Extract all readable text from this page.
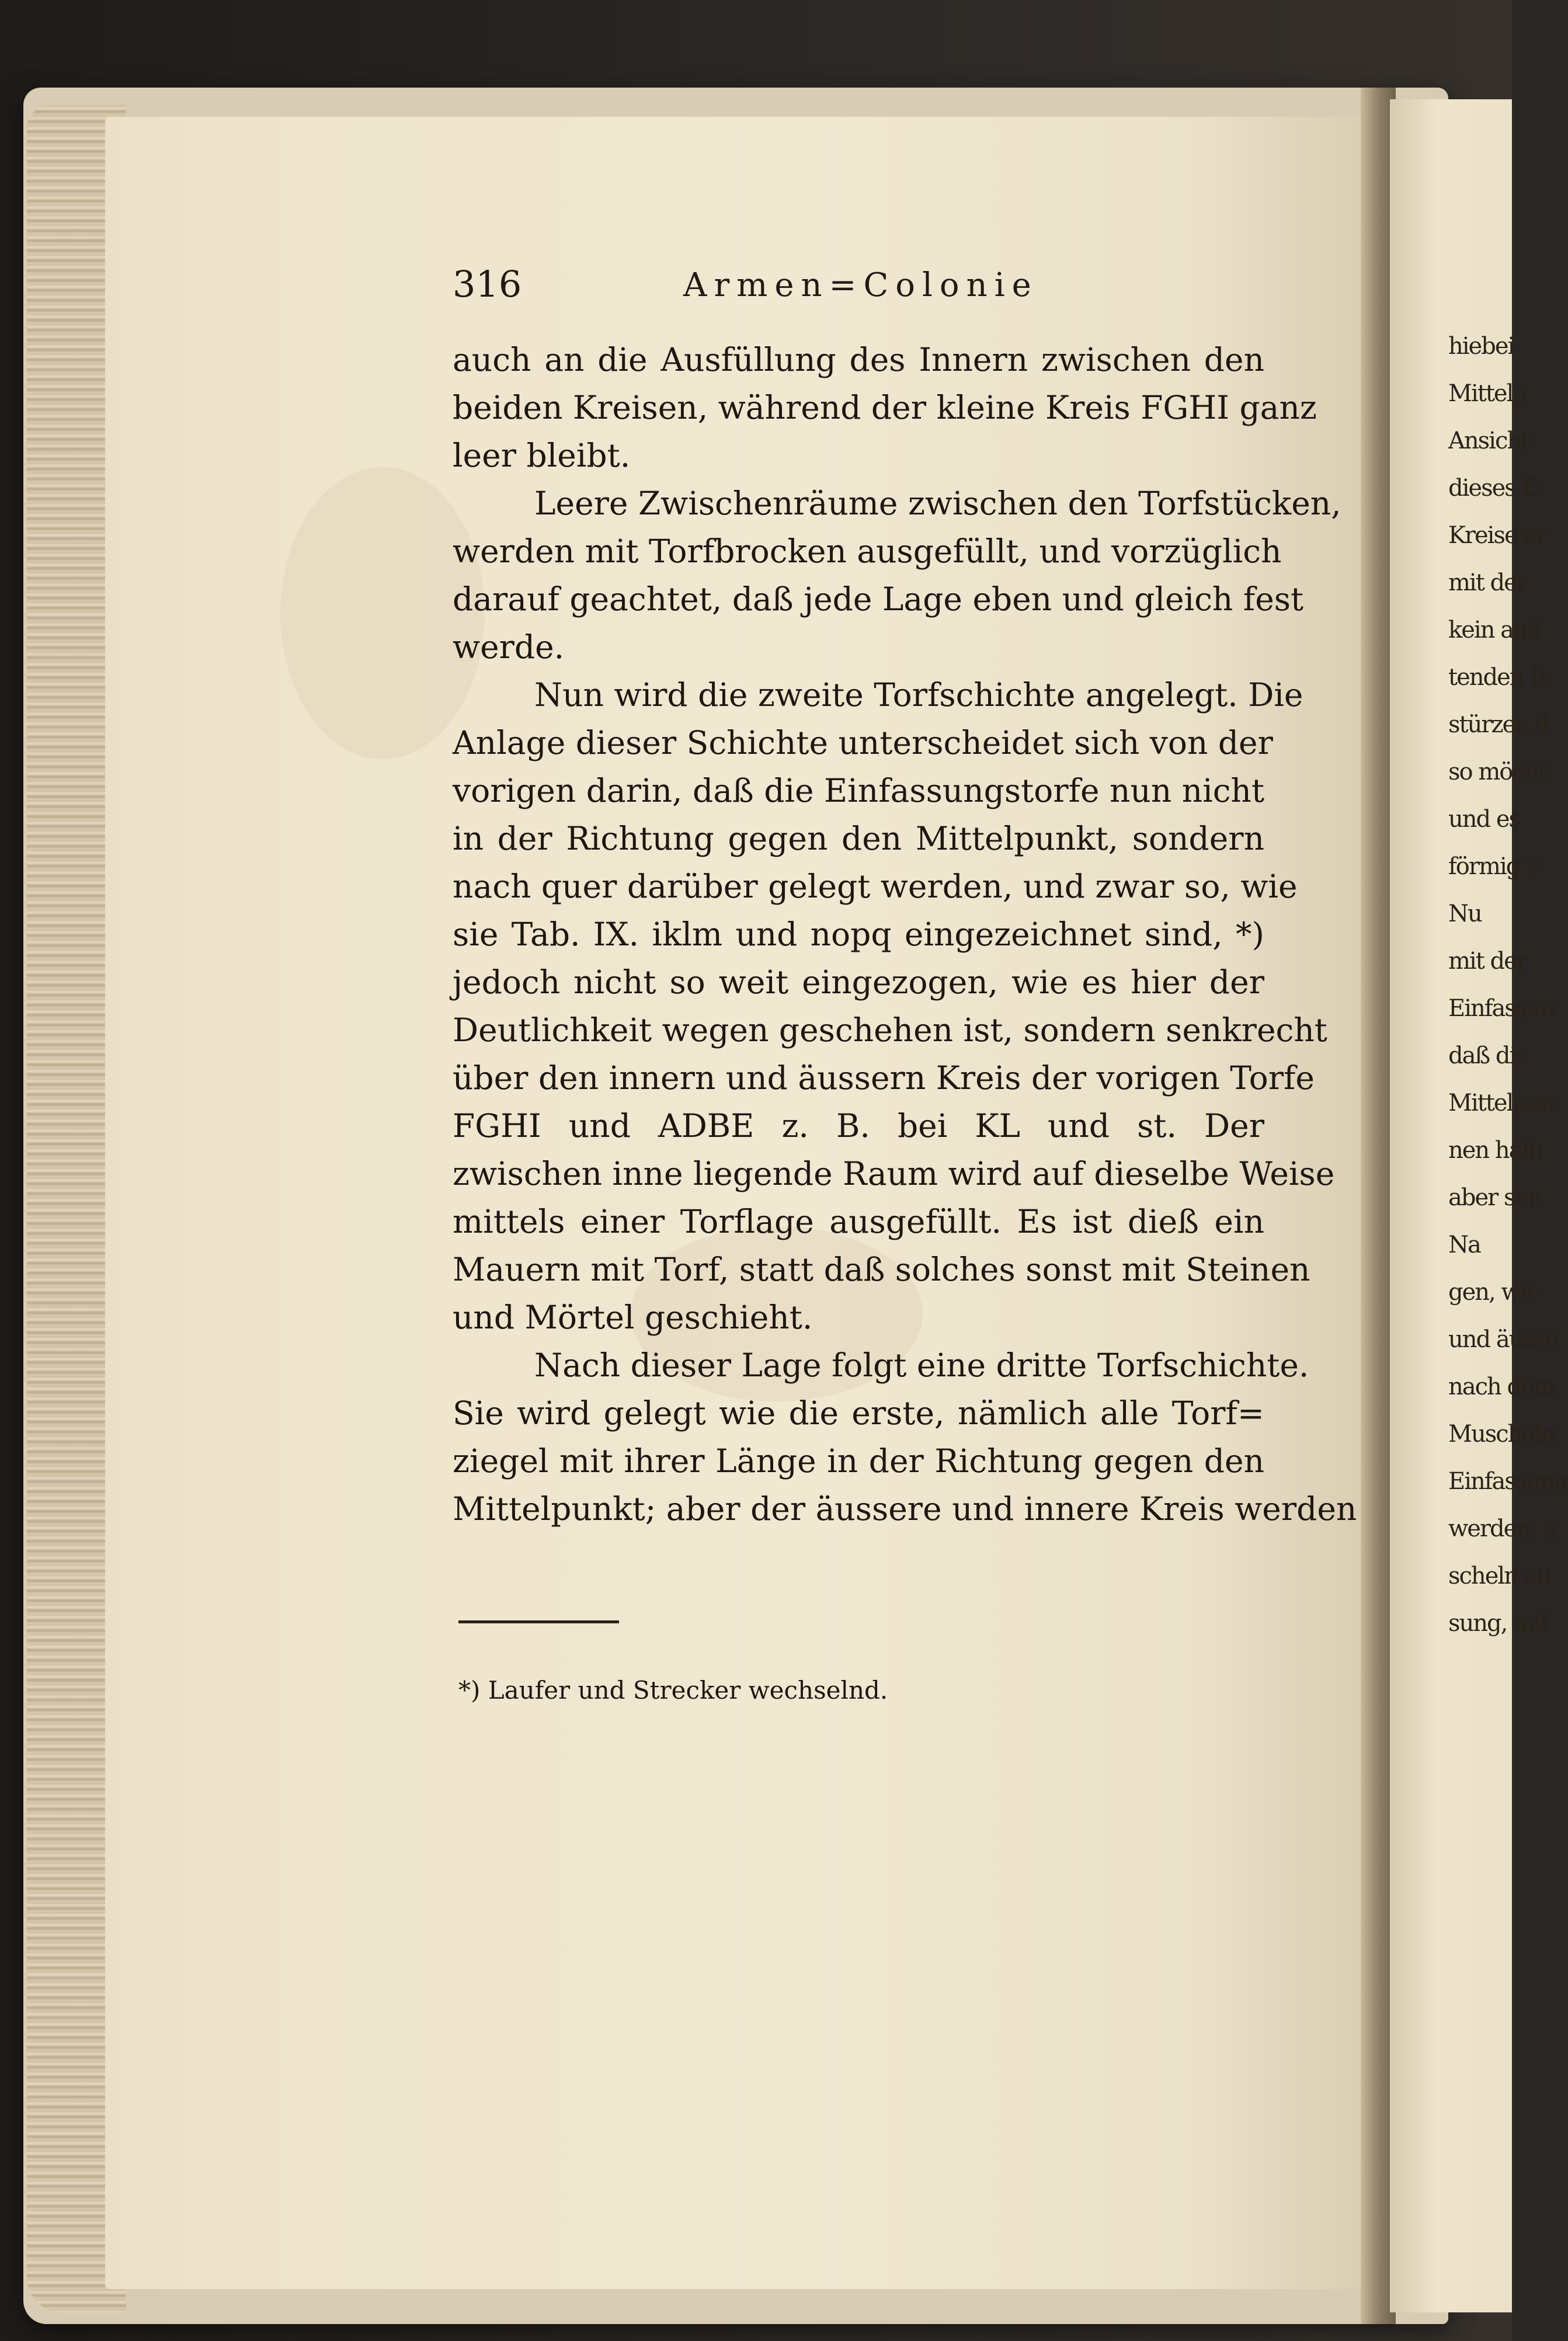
hiebei
Mittelp
Ansicht
dieses E
Kreise er
mit der
kein and
tenden B
stürzen d
so möcht
und es
förmig v
Nu
mit der
Einfassun
daß die
Mittelpun
nen halb
aber sen
Na
gen, wir
und äusse
nach dem
Muscheln
Einfassung
werden, u
scheln au
sung, mit
316	Armen=Colonie
auch an die Ausfüllung des Innern zwischen den
beiden Kreisen, während der kleine Kreis FGHI ganz
leer bleibt.
Leere Zwischenräume zwischen den Torfstücken,
werden mit Torfbrocken ausgefüllt, und vorzüglich
darauf geachtet, daß jede Lage eben und gleich fest
werde.
Nun wird die zweite Torfschichte angelegt. Die
Anlage dieser Schichte unterscheidet sich von der
vorigen darin, daß die Einfassungstorfe nun nicht
in der Richtung gegen den Mittelpunkt, sondern
nach quer darüber gelegt werden, und zwar so, wie
sie Tab. IX. iklm und nopq eingezeichnet sind, *)
jedoch nicht so weit eingezogen, wie es hier der
Deutlichkeit wegen geschehen ist, sondern senkrecht
über den innern und äussern Kreis der vorigen Torfe
FGHI und ADBE z. B. bei KL und st. Der
zwischen inne liegende Raum wird auf dieselbe Weise
mittels einer Torflage ausgefüllt. Es ist dieß ein
Mauern mit Torf, statt daß solches sonst mit Steinen
und Mörtel geschieht.
Nach dieser Lage folgt eine dritte Torfschichte.
Sie wird gelegt wie die erste, nämlich alle Torf=
ziegel mit ihrer Länge in der Richtung gegen den
Mittelpunkt; aber der äussere und innere Kreis werden
*) Laufer und Strecker wechselnd.
